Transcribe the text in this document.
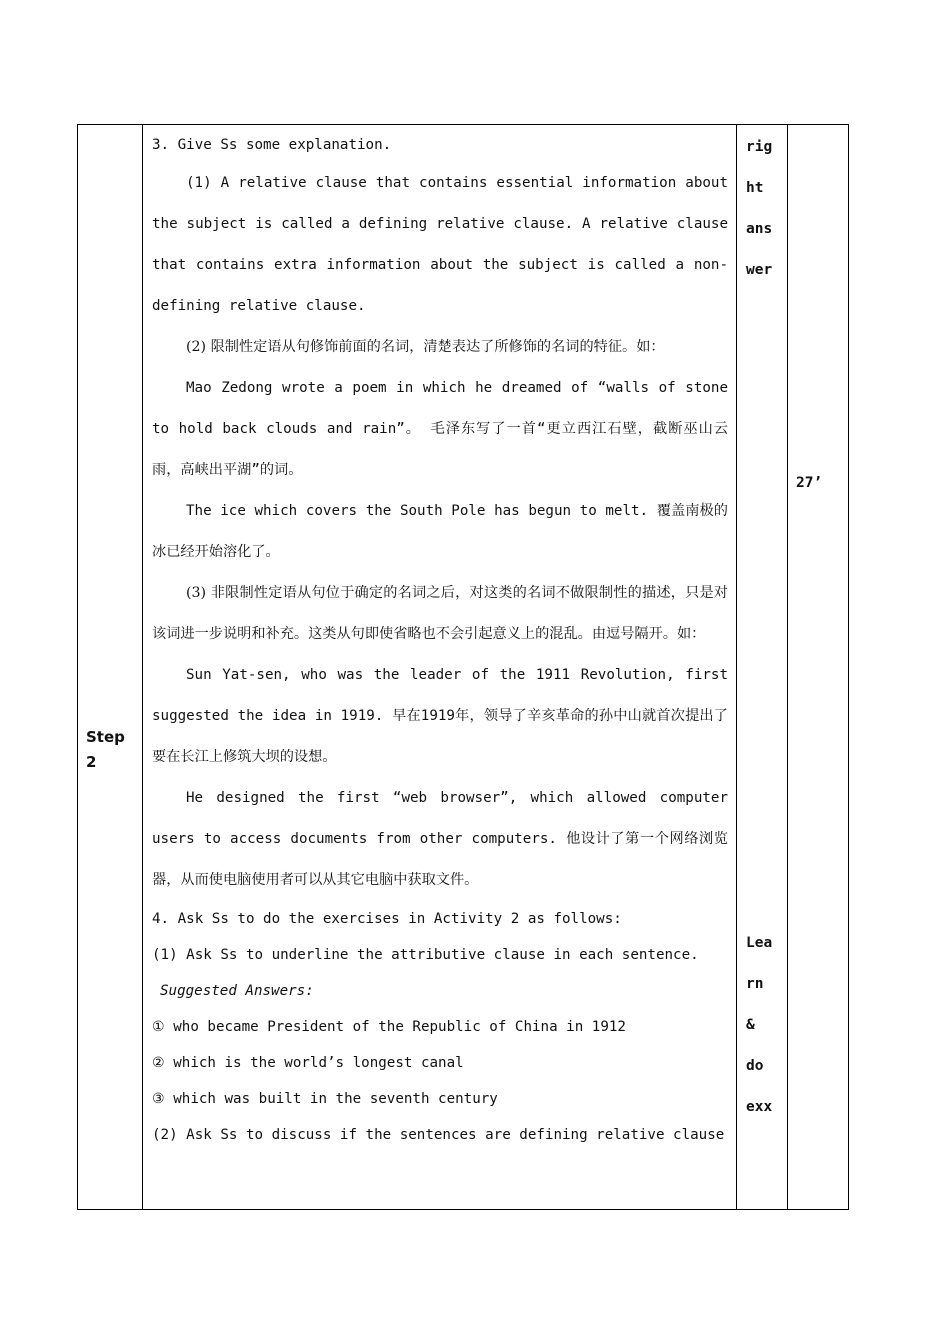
Step 2

3. Give Ss some explanation.

(1) A relative clause that contains essential information about the subject is called a defining relative clause. A relative clause that contains extra information about the subject is called a non-defining relative clause.

(2) 限制性定语从句修饰前面的名词，清楚表达了所修饰的名词的特征。如：

Mao Zedong wrote a poem in which he dreamed of “walls of stone to hold back clouds and rain”。 毛泽东写了一首“更立西江石壁，截断巫山云雨，高峡出平湖”的词。

The ice which covers the South Pole has begun to melt. 覆盖南极的冰已经开始溶化了。

(3) 非限制性定语从句位于确定的名词之后，对这类的名词不做限制性的描述，只是对该词进一步说明和补充。这类从句即使省略也不会引起意义上的混乱。由逗号隔开。如：

Sun Yat-sen, who was the leader of the 1911 Revolution, first suggested the idea in 1919. 早在1919年，领导了辛亥革命的孙中山就首次提出了要在长江上修筑大坝的设想。

He designed the first “web browser”, which allowed computer users to access documents from other computers. 他设计了第一个网络浏览器，从而使电脑使用者可以从其它电脑中获取文件。

4. Ask Ss to do the exercises in Activity 2 as follows:

(1) Ask Ss to underline the attributive clause in each sentence.

Suggested Answers:

① who became President of the Republic of China in 1912

② which is the world’s longest canal

③ which was built in the seventh century

(2) Ask Ss to discuss if the sentences are defining relative clause

rig

ht

ans

wer

Lea

rn

&

do

exx

27’
